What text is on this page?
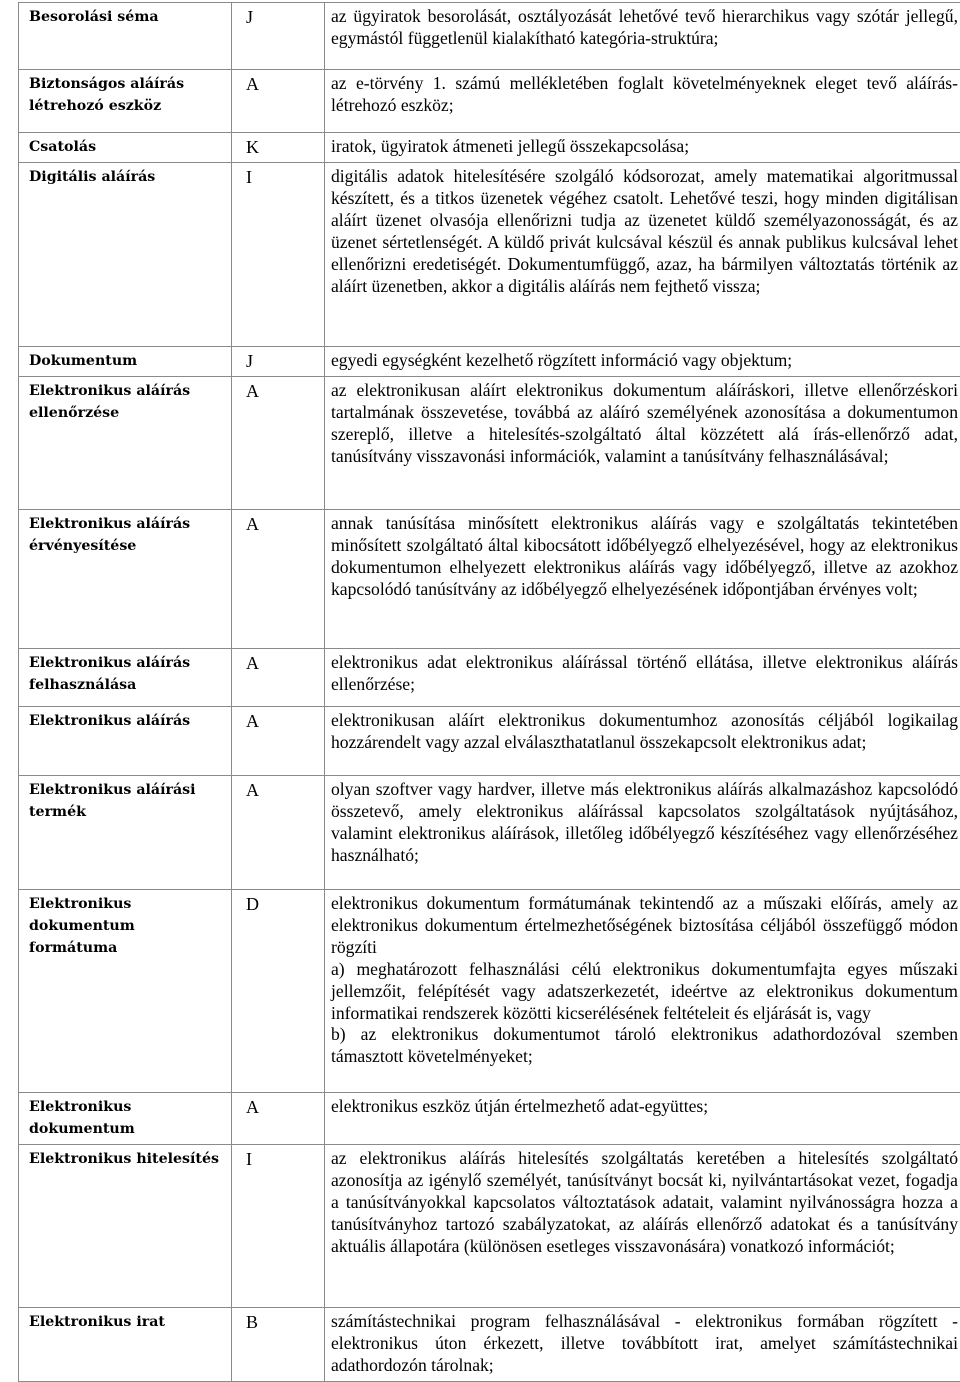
Besorolási séma	J	az ügyiratok besorolását, osztályozását lehetővé tevő hierarchikus vagy szótár jellegű, egymástól függetlenül kialakítható kategória-struktúra;
Biztonságos aláírás létrehozó eszköz	A	az e-törvény 1. számú mellékletében foglalt követelményeknek eleget tevő aláírás-létrehozó eszköz;
Csatolás	K	iratok, ügyiratok átmeneti jellegű összekapcsolása;
Digitális aláírás	I	digitális adatok hitelesítésére szolgáló kódsorozat, amely matematikai algoritmussal készített, és a titkos üzenetek végéhez csatolt. Lehetővé teszi, hogy minden digitálisan aláírt üzenet olvasója ellenőrizni tudja az üzenetet küldő személyazonosságát, és az üzenet sértetlenségét. A küldő privát kulcsával készül és annak publikus kulcsával lehet ellenőrizni eredetiségét. Dokumentumfüggő, azaz, ha bármilyen változtatás történik az aláírt üzenetben, akkor a digitális aláírás nem fejthető vissza;
Dokumentum	J	egyedi egységként kezelhető rögzített információ vagy objektum;
Elektronikus aláírás ellenőrzése	A	az elektronikusan aláírt elektronikus dokumentum aláíráskori, illetve ellenőrzéskori tartalmának összevetése, továbbá az aláíró személyének azonosítása a dokumentumon szereplő, illetve a hitelesítés-szolgáltató által közzétett alá írás-ellenőrző adat, tanúsítvány visszavonási információk, valamint a tanúsítvány felhasználásával;
Elektronikus aláírás érvényesítése	A	annak tanúsítása minősített elektronikus aláírás vagy e szolgáltatás tekintetében minősített szolgáltató által kibocsátott időbélyegző elhelyezésével, hogy az elektronikus dokumentumon elhelyezett elektronikus aláírás vagy időbélyegző, illetve az azokhoz kapcsolódó tanúsítvány az időbélyegző elhelyezésének időpontjában érvényes volt;
Elektronikus aláírás felhasználása	A	elektronikus adat elektronikus aláírással történő ellátása, illetve elektronikus aláírás ellenőrzése;
Elektronikus aláírás	A	elektronikusan aláírt elektronikus dokumentumhoz azonosítás céljából logikailag hozzárendelt vagy azzal elválaszthatatlanul összekapcsolt elektronikus adat;
Elektronikus aláírási termék	A	olyan szoftver vagy hardver, illetve más elektronikus aláírás alkalmazáshoz kapcsolódó összetevő, amely elektronikus aláírással kapcsolatos szolgáltatások nyújtásához, valamint elektronikus aláírások, illetőleg időbélyegző készítéséhez vagy ellenőrzéséhez használható;
Elektronikus dokumentum formátuma	D	elektronikus dokumentum formátumának tekintendő az a műszaki előírás, amely az elektronikus dokumentum értelmezhetőségének biztosítása céljából összefüggő módon rögzíti
a) meghatározott felhasználási célú elektronikus dokumentumfajta egyes műszaki jellemzőit, felépítését vagy adatszerkezetét, ideértve az elektronikus dokumentum informatikai rendszerek közötti kicserélésének feltételeit és eljárását is, vagy
b) az elektronikus dokumentumot tároló elektronikus adathordozóval szemben támasztott követelményeket;
Elektronikus dokumentum	A	elektronikus eszköz útján értelmezhető adat-együttes;
Elektronikus hitelesítés	I	az elektronikus aláírás hitelesítés szolgáltatás keretében a hitelesítés szolgáltató azonosítja az igénylő személyét, tanúsítványt bocsát ki, nyilvántartásokat vezet, fogadja a tanúsítványokkal kapcsolatos változtatások adatait, valamint nyilvánosságra hozza a tanúsítványhoz tartozó szabályzatokat, az aláírás ellenőrző adatokat és a tanúsítvány aktuális állapotára (különösen esetleges visszavonására) vonatkozó információt;
Elektronikus irat	B	számítástechnikai program felhasználásával - elektronikus formában rögzített - elektronikus úton érkezett, illetve továbbított irat, amelyet számítástechnikai adathordozón tárolnak;
